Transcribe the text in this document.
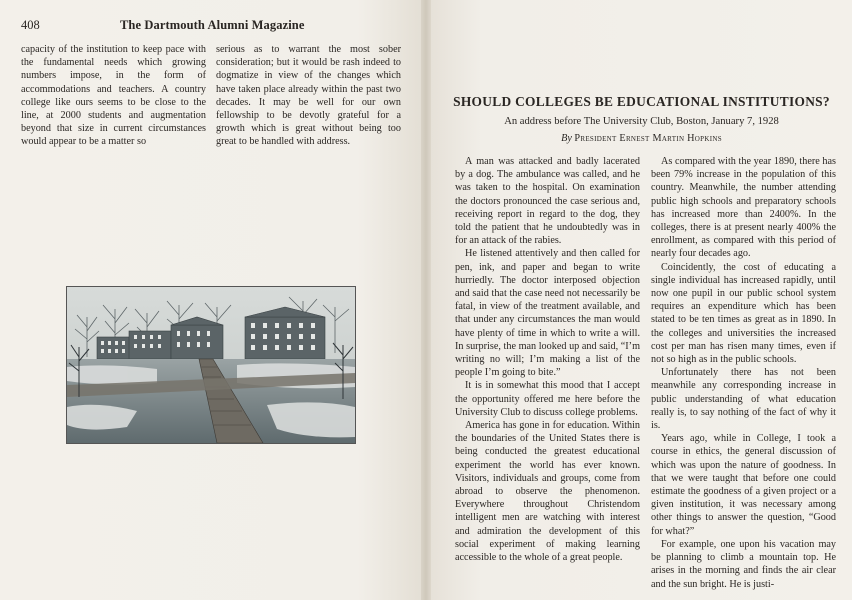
408	The Dartmouth Alumni Magazine

capacity of the institution to keep pace with the fundamental needs which growing numbers impose, in the form of accommodations and teachers. A country college like ours seems to be close to the line, at 2000 students and augmentation beyond that size in current circumstances would appear to be a matter so

serious as to warrant the most sober consideration; but it would be rash indeed to dogmatize in view of the changes which have taken place already within the past two decades. It may be well for our own fellowship to be devotly grateful for a growth which is great without being too great to be handled with address.

SHOULD COLLEGES BE EDUCATIONAL INSTITUTIONS?
An address before The University Club, Boston, January 7, 1928
By President Ernest Martin Hopkins

A man was attacked and badly lacerated by a dog. The ambulance was called, and he was taken to the hospital. On examination the doctors pronounced the case serious and, receiving report in regard to the dog, they told the patient that he undoubtedly was in for an attack of the rabies.

He listened attentively and then called for pen, ink, and paper and began to write hurriedly. The doctor interposed objection and said that the case need not necessarily be fatal, in view of the treatment available, and that under any circumstances the man would have plenty of time in which to write a will. In surprise, the man looked up and said, “I’m writing no will; I’m making a list of the people I’m going to bite.”

It is in somewhat this mood that I accept the opportunity offered me here before the University Club to discuss college problems.

America has gone in for education. Within the boundaries of the United States there is being conducted the greatest educational experiment the world has ever known. Visitors, individuals and groups, come from abroad to observe the phenomenon. Everywhere throughout Christendom intelligent men are watching with interest and admiration the development of this social experiment of making learning accessible to the whole of a great people.

As compared with the year 1890, there has been 79% increase in the population of this country. Meanwhile, the number attending public high schools and preparatory schools has increased more than 2400%. In the colleges, there is at present nearly 400% the enrollment, as compared with this period of nearly four decades ago.

Coincidently, the cost of educating a single individual has increased rapidly, until now one pupil in our public school system requires an expenditure which has been stated to be ten times as great as in 1890. In the colleges and universities the increased cost per man has risen many times, even if not so high as in the public schools.

Unfortunately there has not been meanwhile any corresponding increase in public understanding of what education really is, to say nothing of the fact of why it is.

Years ago, while in College, I took a course in ethics, the general discussion of which was upon the nature of goodness. In that we were taught that before one could estimate the goodness of a given project or a given institution, it was necessary among other things to answer the question, “Good for what?”

For example, one upon his vacation may be planning to climb a mountain top. He arises in the morning and finds the air clear and the sun bright. He is justi-
